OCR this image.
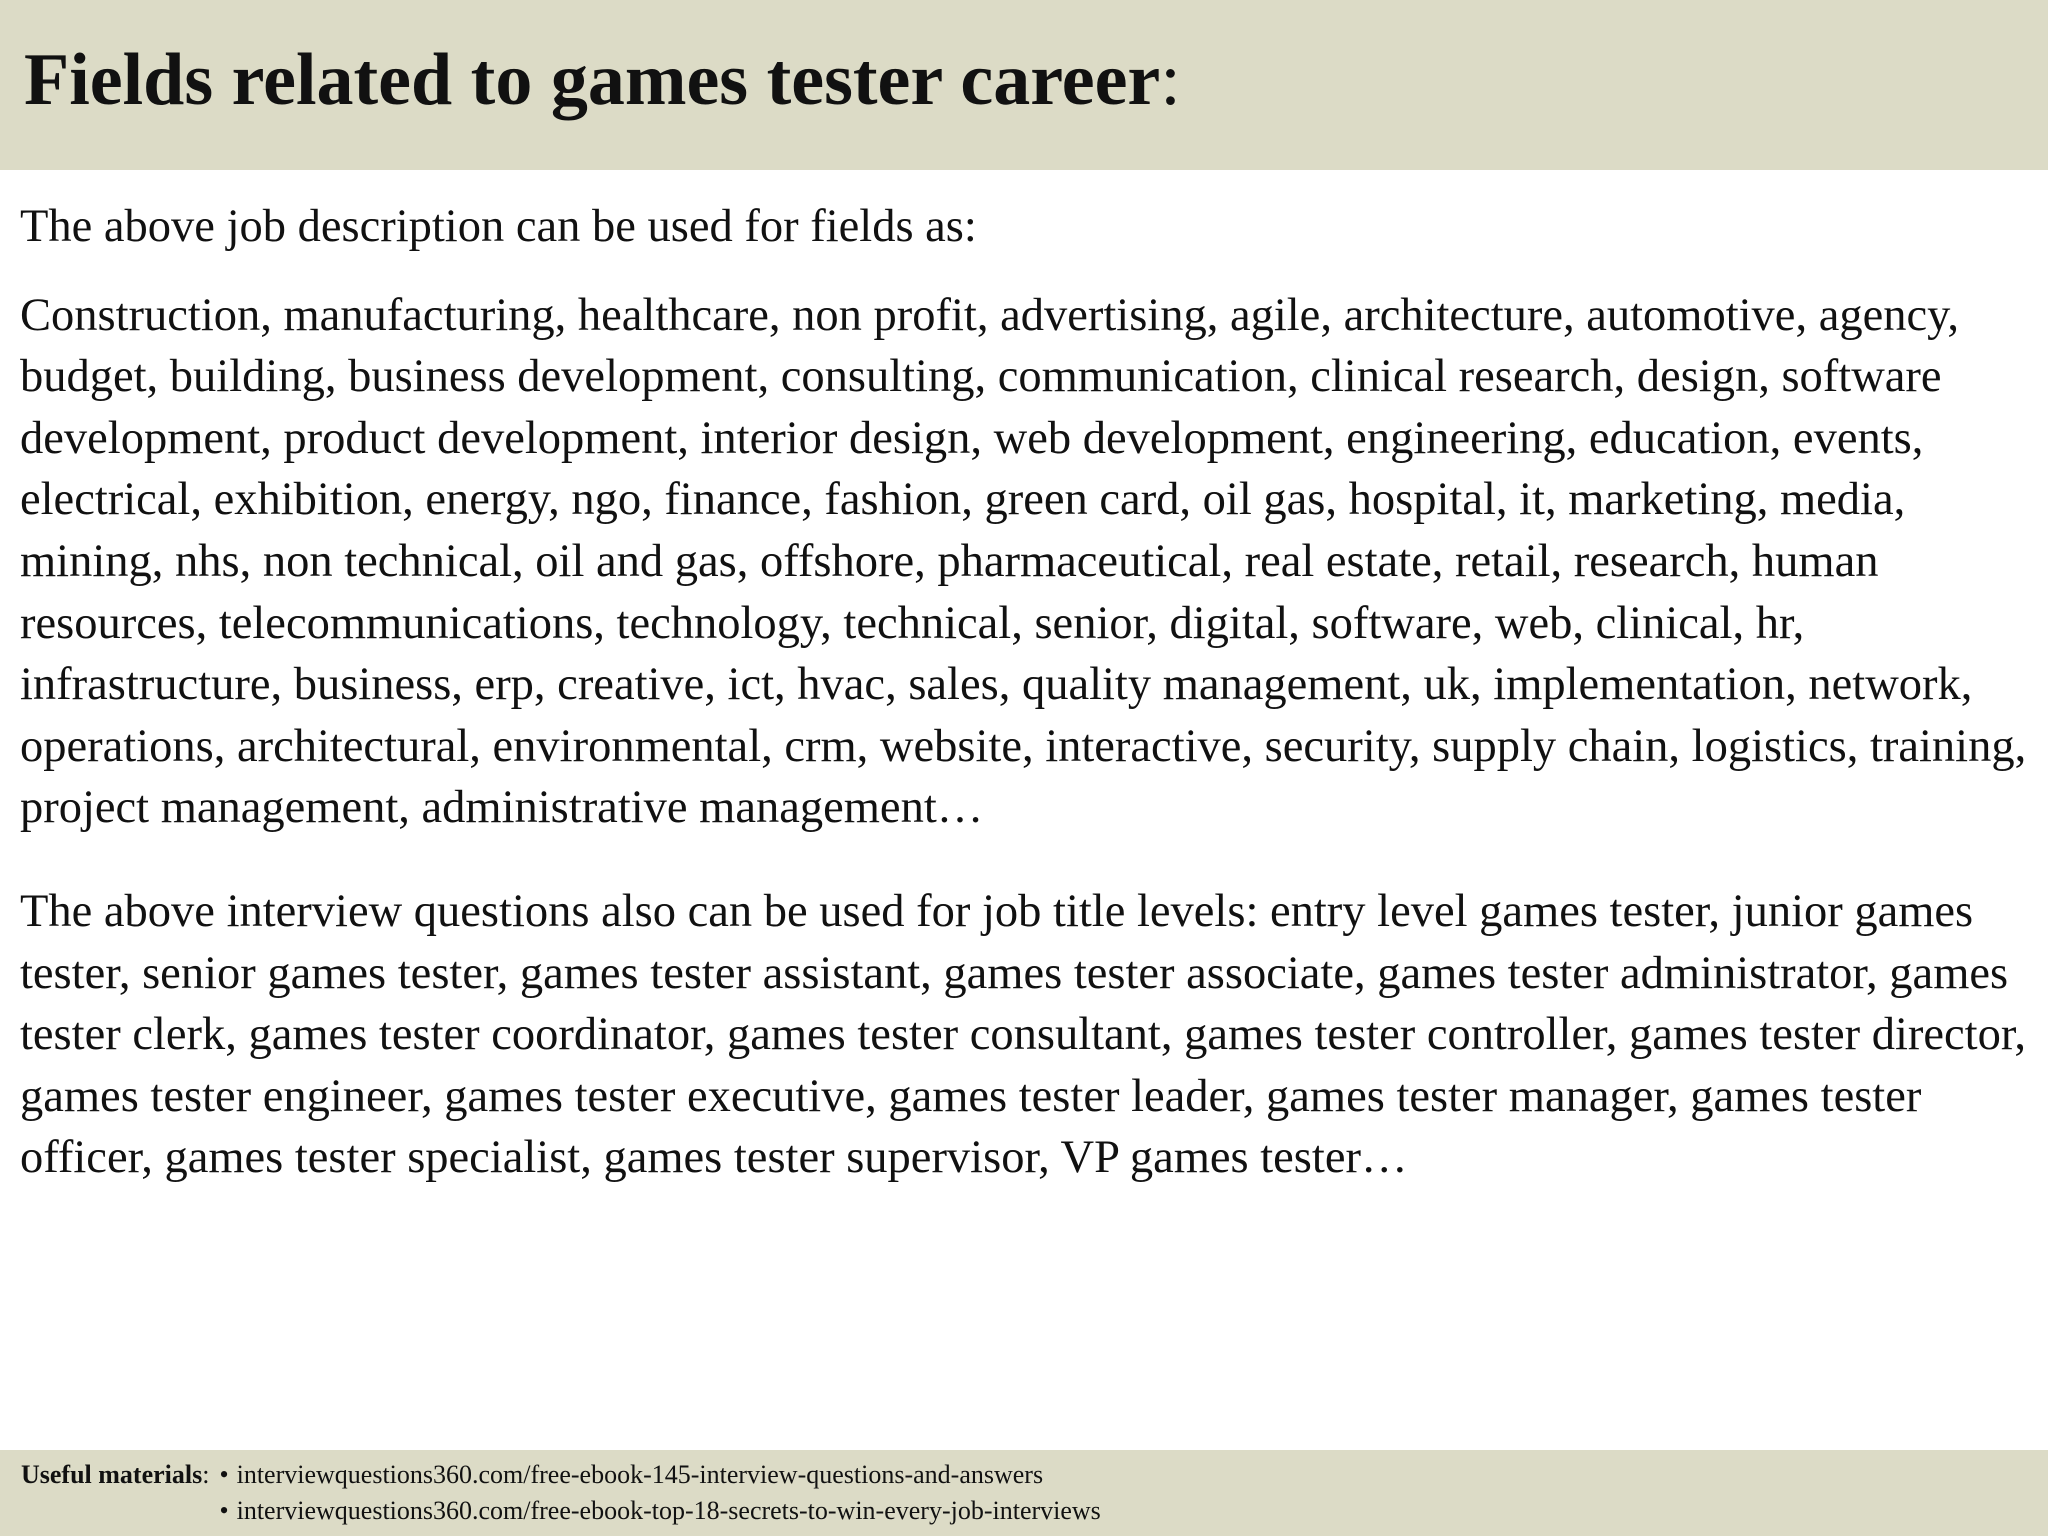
Fields related to games tester career:

The above job description can be used for fields as:

Construction, manufacturing, healthcare, non profit, advertising, agile, architecture, automotive, agency, budget, building, business development, consulting, communication, clinical research, design, software development, product development, interior design, web development, engineering, education, events, electrical, exhibition, energy, ngo, finance, fashion, green card, oil gas, hospital, it, marketing, media, mining, nhs, non technical, oil and gas, offshore, pharmaceutical, real estate, retail, research, human resources, telecommunications, technology, technical, senior, digital, software, web, clinical, hr, infrastructure, business, erp, creative, ict, hvac, sales, quality management, uk, implementation, network, operations, architectural, environmental, crm, website, interactive, security, supply chain, logistics, training, project management, administrative management…

The above interview questions also can be used for job title levels: entry level games tester, junior games tester, senior games tester, games tester assistant, games tester associate, games tester administrator, games tester clerk, games tester coordinator, games tester consultant, games tester controller, games tester director, games tester engineer, games tester executive, games tester leader, games tester manager, games tester officer, games tester specialist, games tester supervisor, VP games tester…

Useful materials : • interviewquestions360.com/free-ebook-145-interview-questions-and-answers
• interviewquestions360.com/free-ebook-top-18-secrets-to-win-every-job-interviews
